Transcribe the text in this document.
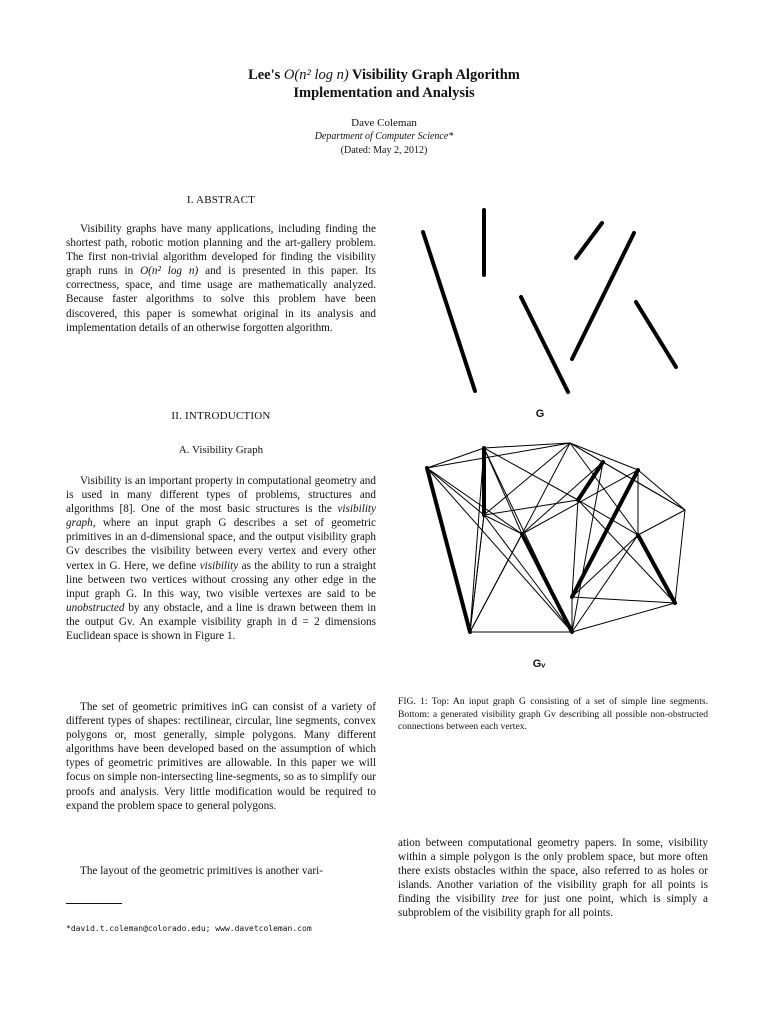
Lee's O(n² log n) Visibility Graph Algorithm
Implementation and Analysis
Dave Coleman
Department of Computer Science*
(Dated: May 2, 2012)
I. ABSTRACT

Visibility graphs have many applications, including finding the shortest path, robotic motion planning and the art-gallery problem. The first non-trivial algorithm developed for finding the visibility graph runs in O(n² log n) and is presented in this paper. Its correctness, space, and time usage are mathematically analyzed. Because faster algorithms to solve this problem have been discovered, this paper is somewhat original in its analysis and implementation details of an otherwise forgotten algorithm.

II. INTRODUCTION
A. Visibility Graph

Visibility is an important property in computational geometry and is used in many different types of problems, structures and algorithms [8]. One of the most basic structures is the visibility graph, where an input graph G describes a set of geometric primitives in an d-dimensional space, and the output visibility graph Gv describes the visibility between every vertex and every other vertex in G. Here, we define visibility as the ability to run a straight line between two vertices without crossing any other edge in the input graph G. In this way, two visible vertexes are said to be unobstructed by any obstacle, and a line is drawn between them in the output Gv. An example visibility graph in d = 2 dimensions Euclidean space is shown in Figure 1.

The set of geometric primitives inG can consist of a variety of different types of shapes: rectilinear, circular, line segments, convex polygons or, most generally, simple polygons. Many different algorithms have been developed based on the assumption of which types of geometric primitives are allowable. In this paper we will focus on simple non-intersecting line-segments, so as to simplify our proofs and analysis. Very little modification would be required to expand the problem space to general polygons.

The layout of the geometric primitives is another vari-

*david.t.coleman@colorado.edu; www.davetcoleman.com
G
Gᵥ

FIG. 1: Top: An input graph G consisting of a set of simple line segments. Bottom: a generated visibility graph Gv describing all possible non-obstructed connections between each vertex.

ation between computational geometry papers. In some, visibility within a simple polygon is the only problem space, but more often there exists obstacles within the space, also referred to as holes or islands. Another variation of the visibility graph for all points is finding the visibility tree for just one point, which is simply a subproblem of the visibility graph for all points.
